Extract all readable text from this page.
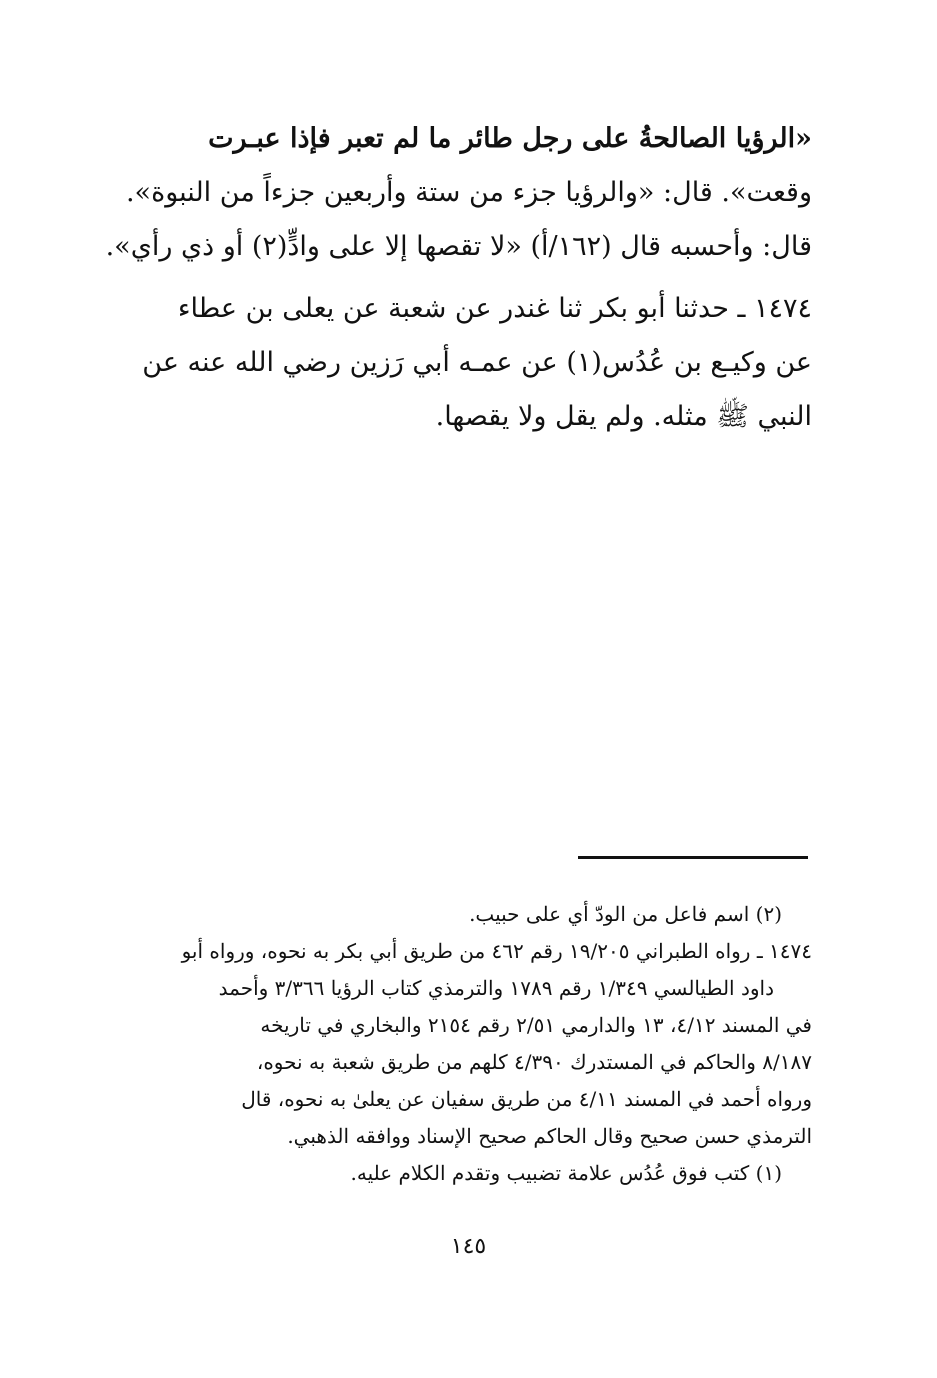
«الرؤيا الصالحةُ على رجل طائر ما لم تعبر فإذا عبـرت
وقعت». قال: «والرؤيا جزء من ستة وأربعين جزءاً من النبوة».
قال: وأحسبه قال (١٦٢/أ) «لا تقصها إلا على وادٍّ(٢) أو ذي رأي».
١٤٧٤ ـ حدثنا أبو بكر ثنا غندر عن شعبة عن يعلى بن عطاء
عن وكيـع بن عُدُس(١) عن عمـه أبي رَزين رضي الله عنه عن
النبي ﷺ مثله. ولم يقل ولا يقصها.
(٢) اسم فاعل من الودّ أي على حبيب.
١٤٧٤ ـ رواه الطبراني ١٩/٢٠٥ رقم ٤٦٢ من طريق أبي بكر به نحوه، ورواه أبو
داود الطيالسي ١/٣٤٩ رقم ١٧٨٩ والترمذي كتاب الرؤيا ٣/٣٦٦ وأحمد
في المسند ٤/١٢، ١٣ والدارمي ٢/٥١ رقم ٢١٥٤ والبخاري في تاريخه
٨/١٨٧ والحاكم في المستدرك ٤/٣٩٠ كلهم من طريق شعبة به نحوه،
ورواه أحمد في المسند ٤/١١ من طريق سفيان عن يعلىٰ به نحوه، قال
الترمذي حسن صحيح وقال الحاكم صحيح الإسناد ووافقه الذهبي.
(١) كتب فوق عُدُس علامة تضبيب وتقدم الكلام عليه.
١٤٥
